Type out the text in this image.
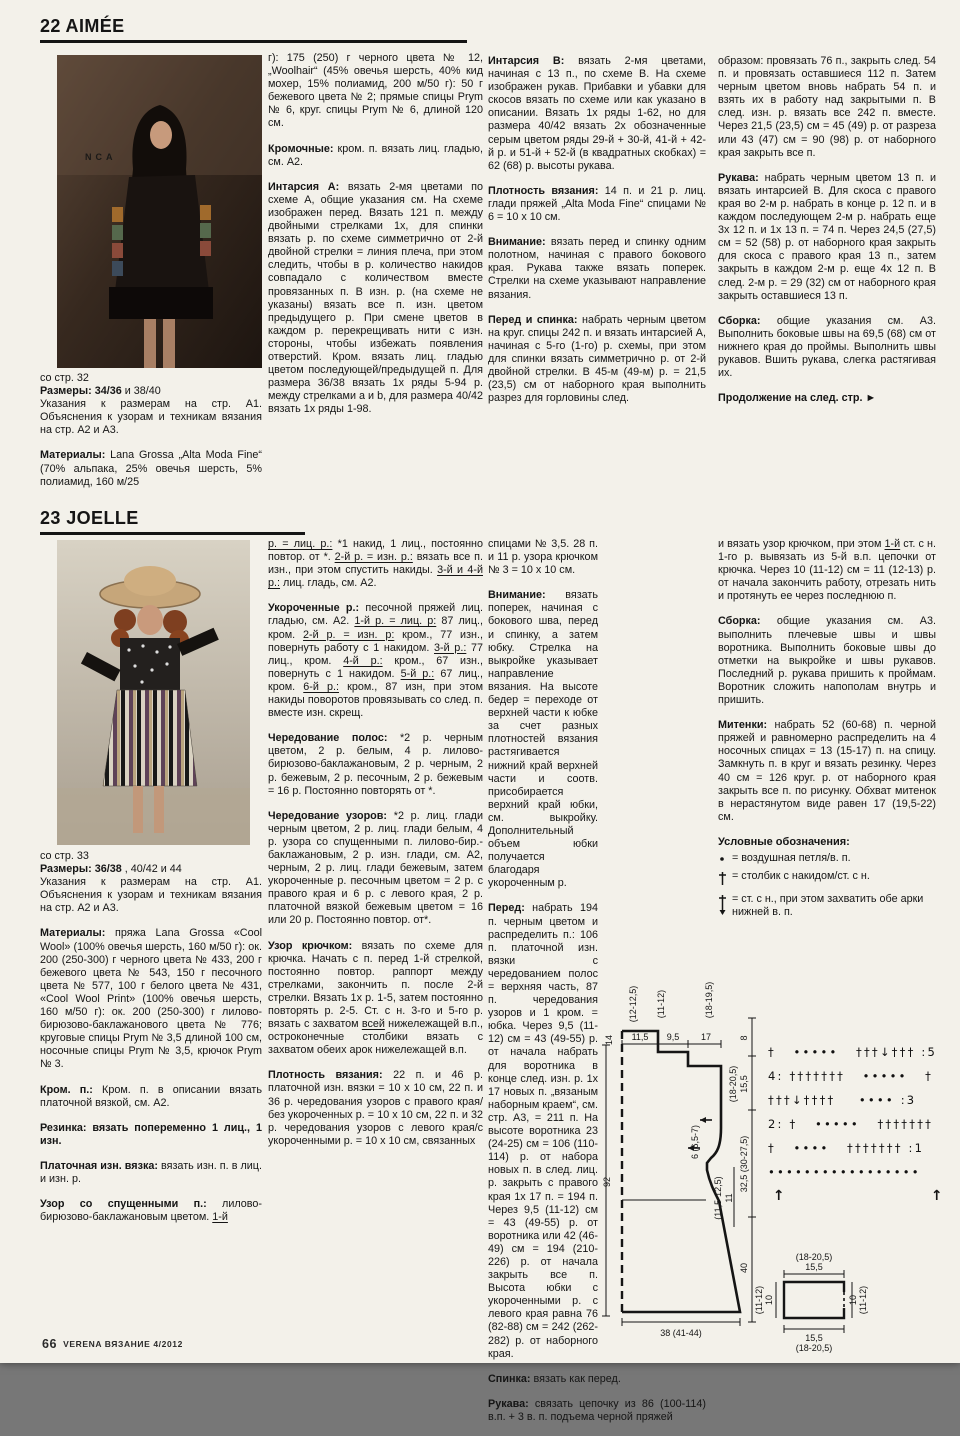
22 AIMÉE
NCA
со стр. 32
Размеры: 34/36 и 38/40
Указания к размерам на стр. А1. Объяснения к узорам и техникам вязания на стр. А2 и А3.
Материалы: Lana Grossa „Alta Moda Fine“ (70% альпака, 25% овечья шерсть, 5% полиамид, 160 м/25
г): 175 (250) г черного цвета № 12, „Woolhair“ (45% овечья шерсть, 40% кид мохер, 15% полиамид, 200 м/50 г): 50 г бежевого цвета № 2; прямые спицы Prym № 6, круг. спицы Prym № 6, длиной 120 см.
Кромочные: кром. п. вязать лиц. гладью, см. А2.
Интарсия А: вязать 2-мя цветами по схеме А, общие указания см. На схеме изображен перед. Вязать 121 п. между двойными стрелками 1х, для спинки вязать р. по схеме симметрично от 2-й двойной стрелки = линия плеча, при этом следить, чтобы в р. количество накидов совпадало с количеством вместе провязанных п. В изн. р. (на схеме не указаны) вязать все п. изн. цветом предыдущего р. При смене цветов в каждом р. перекрещивать нити с изн. стороны, чтобы избежать появления отверстий. Кром. вязать лиц. гладью цветом последующей/предыдущей п. Для размера 36/38 вязать 1х ряды 5-94 р. между стрелками а и b, для размера 40/42 вязать 1х ряды 1-98.
Интарсия В: вязать 2-мя цветами, начиная с 13 п., по схеме В. На схеме изображен рукав. Прибавки и убавки для скосов вязать по схеме или как указано в описании. Вязать 1х ряды 1-62, но для размера 40/42 вязать 2х обозначенные серым цветом ряды 29-й + 30-й, 41-й + 42-й р. и 51-й + 52-й (в квадратных скобках) = 62 (68) р. высоты рукава.
Плотность вязания: 14 п. и 21 р. лиц. глади пряжей „Alta Moda Fine“ спицами № 6 = 10 х 10 см.
Внимание: вязать перед и спинку одним полотном, начиная с правого бокового края. Рукава также вязать поперек. Стрелки на схеме указывают направление вязания.
Перед и спинка: набрать черным цветом на круг. спицы 242 п. и вязать интарсией А, начиная с 5-го (1-го) р. схемы, при этом для спинки вязать симметрично р. от 2-й двойной стрелки. В 45-м (49-м) р. = 21,5 (23,5) см от наборного края выполнить разрез для горловины след.
образом: провязать 76 п., закрыть след. 54 п. и провязать оставшиеся 112 п. Затем черным цветом вновь набрать 54 п. и взять их в работу над закрытыми п. В след. изн. р. вязать все 242 п. вместе. Через 21,5 (23,5) см = 45 (49) р. от разреза или 43 (47) см = 90 (98) р. от наборного края закрыть все п.
Рукава: набрать черным цветом 13 п. и вязать интарсией В. Для скоса с правого края во 2-м р. набрать в конце р. 12 п. и в каждом последующем 2-м р. набрать еще 3х 12 п. и 1х 13 п. = 74 п. Через 24,5 (27,5) см = 52 (58) р. от наборного края закрыть для скоса с правого края 13 п., затем закрыть в каждом 2-м р. еще 4х 12 п. В след. 2-м р. = 29 (32) см от наборного края закрыть оставшиеся 13 п.
Сборка: общие указания см. А3. Выполнить боковые швы на 69,5 (68) см от нижнего края до проймы. Выполнить швы рукавов. Вшить рукава, слегка растягивая их.
Продолжение на след. стр. ►
23 JOELLE
со стр. 33
Размеры: 36/38 , 40/42 и 44
Указания к размерам на стр. А1. Объяснения к узорам и техникам вязания на стр. А2 и А3.
Материалы: пряжа Lana Grossa «Cool Wool» (100% овечья шерсть, 160 м/50 г): ок. 200 (250-300) г черного цвета № 433, 200 г бежевого цвета № 543, 150 г песочного цвета № 577, 100 г белого цвета № 431, «Cool Wool Print» (100% овечья шерсть, 160 м/50 г): ок. 200 (250-300) г лилово-бирюзово-баклажанового цвета № 776; круговые спицы Prym № 3,5 длиной 100 см, носочные спицы Prym № 3,5, крючок Prym № 3.
Кром. п.: Кром. п. в описании вязать платочной вязкой, см. А2.
Резинка: вязать попеременно 1 лиц., 1 изн.
Платочная изн. вязка: вязать изн. п. в лиц. и изн. р.
Узор со спущенными п.: лилово-бирюзово-баклажановым цветом. 1-й
р. = лиц. р.: *1 накид, 1 лиц., постоянно повтор. от *. 2-й р. = изн. р.: вязать все п. изн., при этом спустить накиды. 3-й и 4-й р.: лиц. гладь, см. А2.
Укороченные р.: песочной пряжей лиц. гладью, см. А2. 1-й р. = лиц. р: 87 лиц., кром. 2-й р. = изн. р: кром., 77 изн., повернуть работу с 1 накидом. 3-й р.: 77 лиц., кром. 4-й р.: кром., 67 изн., повернуть с 1 накидом. 5-й р.: 67 лиц., кром. 6-й р.: кром., 87 изн, при этом накиды поворотов провязывать со след. п. вместе изн. скрещ.
Чередование полос: *2 р. черным цветом, 2 р. белым, 4 р. лилово-бирюзово-баклажановым, 2 р. черным, 2 р. бежевым, 2 р. песочным, 2 р. бежевым = 16 р. Постоянно повторять от *.
Чередование узоров: *2 р. лиц. глади черным цветом, 2 р. лиц. глади белым, 4 р. узора со спущенными п. лилово-бир.-баклажановым, 2 р. изн. глади, см. А2, черным, 2 р. лиц. глади бежевым, затем укороченные р. песочным цветом = 2 р. с правого края и 6 р. с левого края, 2 р. платочной вязкой бежевым цветом = 16 или 20 р. Постоянно повтор. от*.
Узор крючком: вязать по схеме для крючка. Начать с п. перед 1-й стрелкой, постоянно повтор. раппорт между стрелками, закончить п. после 2-й стрелки. Вязать 1х р. 1-5, затем постоянно повторять р. 2-5. Ст. с н. 3-го и 5-го р. вязать с захватом всей нижележащей в.п., остроконечные столбики вязать с захватом обеих арок нижележащей в.п.
Плотность вязания: 22 п. и 46 р. платочной изн. вязки = 10 х 10 см, 22 п. и 36 р. чередования узоров с правого края/без укороченных р. = 10 х 10 см, 22 п. и 32 р. чередования узоров с левого края/с укороченными р. = 10 х 10 см, связанных
спицами № 3,5. 28 п. и 11 р. узора крючком № 3 = 10 х 10 см.
Внимание: вязать поперек, начиная с бокового шва, перед и спинку, а затем юбку. Стрелка на выкройке указывает направление вязания. На высоте бедер = переходе от верхней части к юбке за счет разных плотностей вязания растягивается нижний край верхней части и соотв. присобирается верхний край юбки, см. выкройку. Дополнительный объем юбки получается благодаря укороченным р.
Перед: набрать 194 п. черным цветом и распределить п.: 106 п. платочной изн. вязки с чередованием полос = верхняя часть, 87 п. чередования узоров и 1 кром. = юбка. Через 9,5 (11-12) см = 43 (49-55) р. от начала набрать для воротника в конце след. изн. р. 1х 17 новых п. „вязаным наборным краем“, см. стр. А3, = 211 п. На высоте воротника 23 (24-25) см = 106 (110-114) р. от набора новых п. в след. лиц. р. закрыть с правого края 1х 17 п. = 194 п. Через 9,5 (11-12) см = 43 (49-55) р. от воротника или 42 (46-49) см = 194 (210-226) р. от начала закрыть все п. Высота юбки с укороченными р. с левого края равна 76 (82-88) см = 242 (262-282) р. от наборного края.
Спинка: вязать как перед.
Рукава: связать цепочку из 86 (100-114) в.п. + 3 в. п. подъема черной пряжей
и вязать узор крючком, при этом 1-й ст. с н. 1-го р. вывязать из 5-й в.п. цепочки от крючка. Через 10 (11-12) см = 11 (12-13) р. от начала закончить работу, отрезать нить и протянуть ее через последнюю п.
Сборка: общие указания см. А3. выполнить плечевые швы и швы воротника. Выполнить боковые швы до отметки на выкройке и швы рукавов. Последний р. рукава пришить к проймам. Воротник сложить напополам внутрь и пришить.
Митенки: набрать 52 (60-68) п. черной пряжей и равномерно распределить на 4 носочных спицах = 13 (15-17) п. на спицу. Замкнуть п. в круг и вязать резинку. Через 40 см = 126 круг. р. от наборного края закрыть все п. по рисунку. Обхват митенок в нерастянутом виде равен 17 (19,5-22) см.
Условные обозначения:
= воздушная петля/в. п.
= столбик с накидом/ст. с н.
= ст. с н., при этом захватить обе арки нижней в. п.
92
11,5 9,5 17
(12-12,5) (11-12)	(18-19,5)
14	8
15,5
(18-20,5)
32,5 (30-27,5)
40
11
(11,5-12,5)
6 (6,5-7)
38 (41-44)
(18-20,5)
15,5
15,5
(18-20,5)
10
(11-12)	10 (11-12)
†   •••••   †††↓††† :5
4: †††††††   •••••   †
†††↓††††    •••• :3
2: †   •••••   †††††††
†   ••••   ††††††† :1
•••••••••••••••••
↑                              ↑
66 VERENA ВЯЗАНИЕ 4/2012
